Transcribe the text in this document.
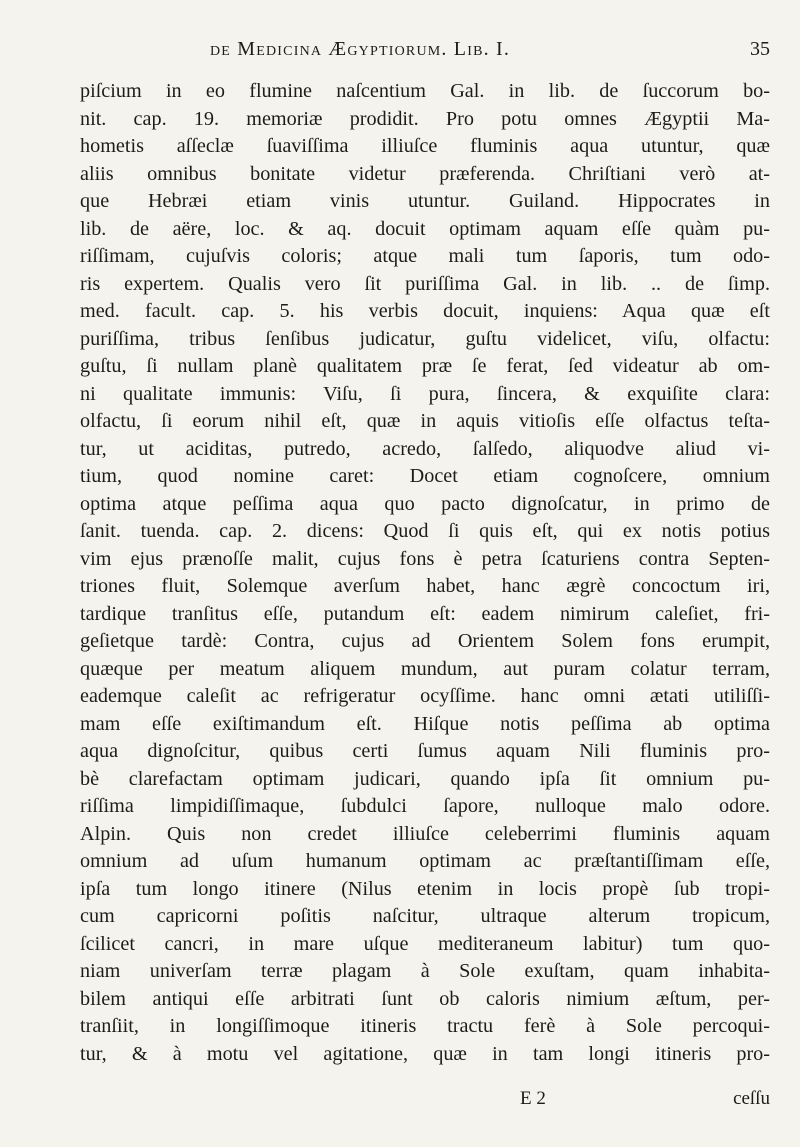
de Medicina Ægyptiorum. Lib. I.	35
piſcium in eo flumine naſcentium Gal. in lib. de ſuccorum bo-
nit. cap. 19. memoriæ prodidit. Pro potu omnes Ægyptii Ma-
hometis aſſeclæ ſuaviſſima illiuſce fluminis aqua utuntur, quæ
aliis omnibus bonitate videtur præferenda. Chriſtiani verò at-
que Hebræi etiam vinis utuntur. Guiland. Hippocrates in
lib. de aëre, loc. & aq. docuit optimam aquam eſſe quàm pu-
riſſimam, cujuſvis coloris; atque mali tum ſaporis, tum odo-
ris expertem. Qualis vero ſit puriſſima Gal. in lib. .. de ſimp.
med. facult. cap. 5. his verbis docuit, inquiens: Aqua quæ eſt
puriſſima, tribus ſenſibus judicatur, guſtu videlicet, viſu, olfactu:
guſtu, ſi nullam planè qualitatem præ ſe ferat, ſed videatur ab om-
ni qualitate immunis: Viſu, ſi pura, ſincera, & exquiſite clara:
olfactu, ſi eorum nihil eſt, quæ in aquis vitioſis eſſe olfactus teſta-
tur, ut aciditas, putredo, acredo, ſalſedo, aliquodve aliud vi-
tium, quod nomine caret: Docet etiam cognoſcere, omnium
optima atque peſſima aqua quo pacto dignoſcatur, in primo de
ſanit. tuenda. cap. 2. dicens: Quod ſi quis eſt, qui ex notis potius
vim ejus prænoſſe malit, cujus fons è petra ſcaturiens contra Septen-
triones fluit, Solemque averſum habet, hanc ægrè concoctum iri,
tardique tranſitus eſſe, putandum eſt: eadem nimirum caleſiet, fri-
geſietque tardè: Contra, cujus ad Orientem Solem fons erumpit,
quæque per meatum aliquem mundum, aut puram colatur terram,
eademque caleſit ac refrigeratur ocyſſime. hanc omni ætati utiliſſi-
mam eſſe exiſtimandum eſt. Hiſque notis peſſima ab optima
aqua dignoſcitur, quibus certi ſumus aquam Nili fluminis pro-
bè clarefactam optimam judicari, quando ipſa ſit omnium pu-
riſſima limpidiſſimaque, ſubdulci ſapore, nulloque malo odore.
Alpin. Quis non credet illiuſce celeberrimi fluminis aquam
omnium ad uſum humanum optimam ac præſtantiſſimam eſſe,
ipſa tum longo itinere (Nilus etenim in locis propè ſub tropi-
cum capricorni poſitis naſcitur, ultraque alterum tropicum,
ſcilicet cancri, in mare uſque mediteraneum labitur) tum quo-
niam univerſam terræ plagam à Sole exuſtam, quam inhabita-
bilem antiqui eſſe arbitrati ſunt ob caloris nimium æſtum, per-
tranſiit, in longiſſimoque itineris tractu ferè à Sole percoqui-
tur, & à motu vel agitatione, quæ in tam longi itineris pro-
E 2	ceſſu
